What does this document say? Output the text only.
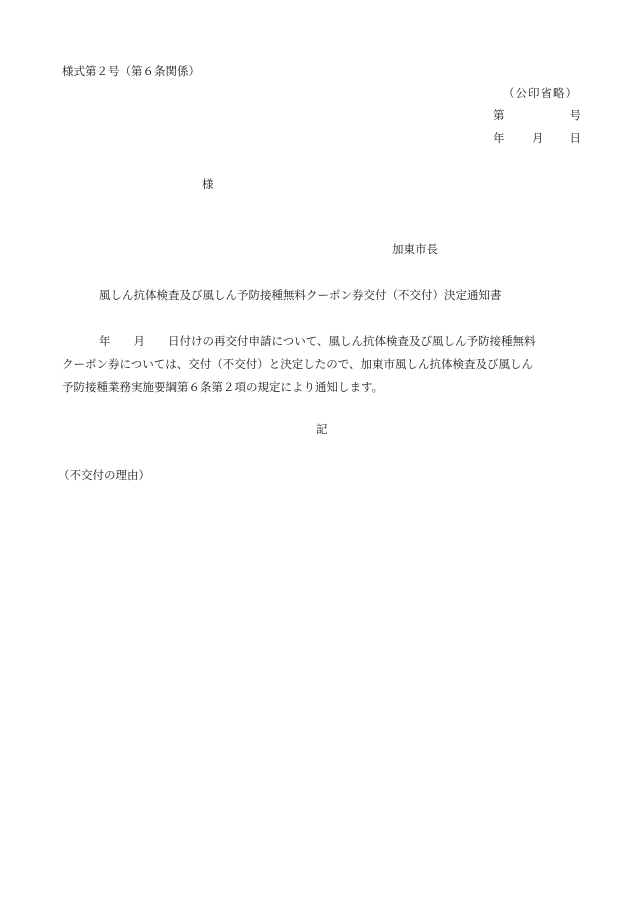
様式第２号（第６条関係）
（公印省略）
第	号
年 月 日
様
加東市長
風しん抗体検査及び風しん予防接種無料クーポン券交付（不交付）決定通知書
年　　月　　日付けの再交付申請について、風しん抗体検査及び風しん予防接種無料
クーポン券については、交付（不交付）と決定したので、加東市風しん抗体検査及び風しん
予防接種業務実施要綱第６条第２項の規定により通知します。
記
（不交付の理由）
